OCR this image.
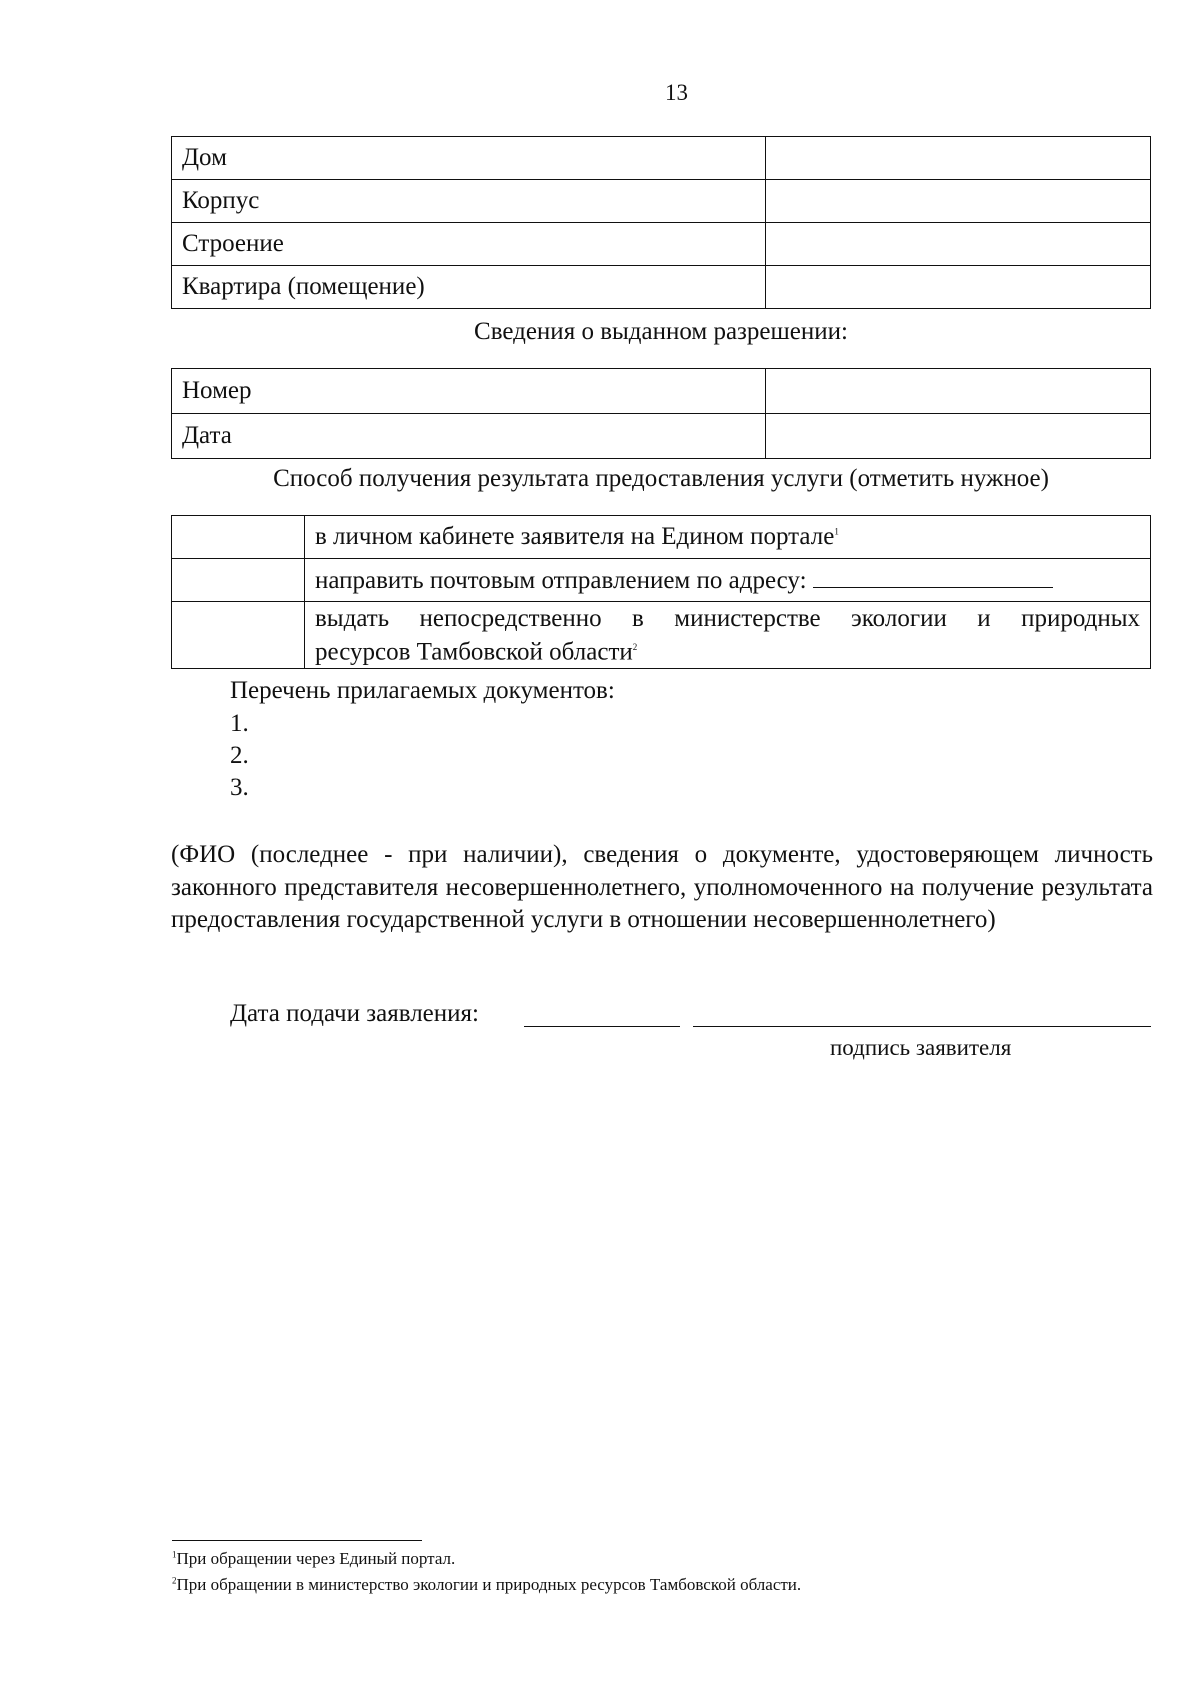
13
Дом	
Корпус	
Строение	
Квартира (помещение)	
Сведения о выданном разрешении:
Номер	
Дата	
Способ получения результата предоставления услуги (отметить нужное)
	в личном кабинете заявителя на Едином портале$^1$
	направить почтовым отправлением по адресу:

	выдать непосредственно в министерстве экологии и природных
ресурсов Тамбовской области$^2$
Перечень прилагаемых документов:
1.
2.
3.
(ФИО (последнее - при наличии), сведения о документе, удостоверяющем личность законного представителя несовершеннолетнего, уполномоченного на получение результата предоставления государственной услуги в отношении несовершеннолетнего)
Дата подачи заявления:
подпись заявителя
$^1$При обращении через Единый портал.
$^2$При обращении в министерство экологии и природных ресурсов Тамбовской области.
